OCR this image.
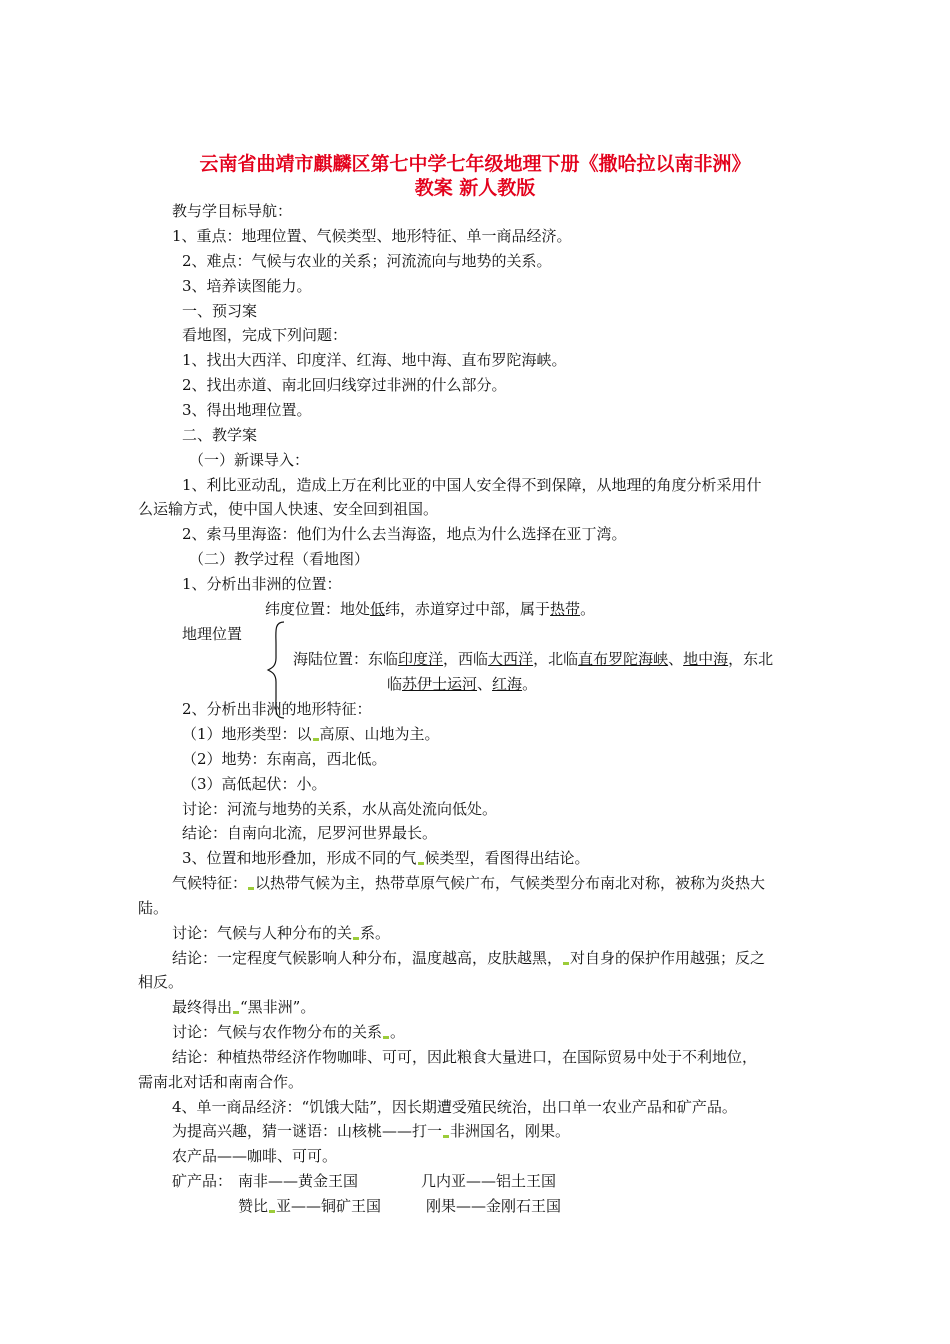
云南省曲靖市麒麟区第七中学七年级地理下册《撒哈拉以南非洲》
教案 新人教版
教与学目标导航：
1、重点：地理位置、气候类型、地形特征、单一商品经济。
2、难点：气候与农业的关系；河流流向与地势的关系。
3、培养读图能力。
一、预习案
看地图，完成下列问题：
1、找出大西洋、印度洋、红海、地中海、直布罗陀海峡。
2、找出赤道、南北回归线穿过非洲的什么部分。
3、得出地理位置。
二、教学案
（一）新课导入：
1、利比亚动乱，造成上万在利比亚的中国人安全得不到保障，从地理的角度分析采用什
么运输方式，使中国人快速、安全回到祖国。
2、索马里海盗：他们为什么去当海盗，地点为什么选择在亚丁湾。
（二）教学过程（看地图）
1、分析出非洲的位置：
纬度位置：地处低纬，赤道穿过中部，属于热带。
地理位置
海陆位置：东临印度洋，西临大西洋，北临直布罗陀海峡、地中海，东北
临苏伊士运河、红海。
2、分析出非洲的地形特征：
（1）地形类型：以 高原、山地为主。
（2）地势：东南高，西北低。
（3）高低起伏：小。
讨论：河流与地势的关系，水从高处流向低处。
结论：自南向北流，尼罗河世界最长。
3、位置和地形叠加，形成不同的气 候类型，看图得出结论。
气候特征： 以热带气候为主，热带草原气候广布，气候类型分布南北对称，被称为炎热大
陆。
讨论：气候与人种分布的关 系。
结论：一定程度气候影响人种分布，温度越高，皮肤越黑， 对自身的保护作用越强；反之
相反。
最终得出 “黑非洲”。
讨论：气候与农作物分布的关系 。
结论：种植热带经济作物咖啡、可可，因此粮食大量进口，在国际贸易中处于不利地位，
需南北对话和南南合作。
4、单一商品经济：“饥饿大陆”，因长期遭受殖民统治，出口单一农业产品和矿产品。
为提高兴趣，猜一谜语：山核桃——打一 非洲国名，刚果。
农产品——咖啡、可可。
矿产品： 南非——黄金王国	几内亚——铝土王国
赞比 亚——铜矿王国	刚果——金刚石王国
